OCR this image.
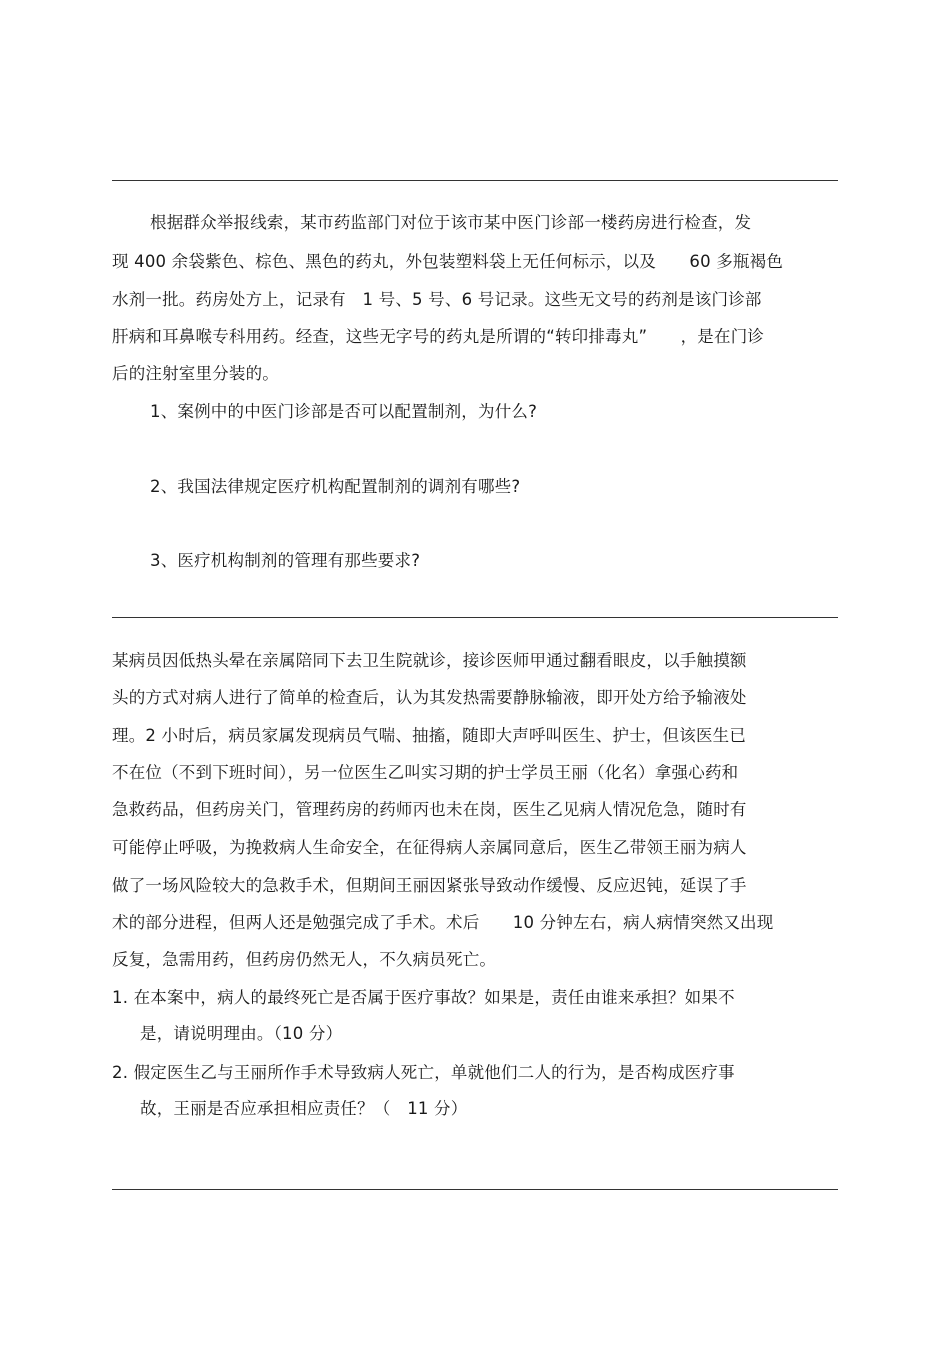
根据群众举报线索，某市药监部门对位于该市某中医门诊部一楼药房进行检查，发
现 400 余袋紫色、棕色、黑色的药丸，外包装塑料袋上无任何标示，以及　　60 多瓶褐色
水剂一批。药房处方上，记录有　1 号、5 号、6 号记录。这些无文号的药剂是该门诊部
肝病和耳鼻喉专科用药。经查，这些无字号的药丸是所谓的“转印排毒丸”　　，是在门诊
后的注射室里分装的。
1、案例中的中医门诊部是否可以配置制剂，为什么?
2、我国法律规定医疗机构配置制剂的调剂有哪些?
3、医疗机构制剂的管理有那些要求?
某病员因低热头晕在亲属陪同下去卫生院就诊，接诊医师甲通过翻看眼皮，以手触摸额
头的方式对病人进行了简单的检查后，认为其发热需要静脉输液，即开处方给予输液处
理。2 小时后，病员家属发现病员气喘、抽搐，随即大声呼叫医生、护士，但该医生已
不在位（不到下班时间），另一位医生乙叫实习期的护士学员王丽（化名）拿强心药和
急救药品，但药房关门，管理药房的药师丙也未在岗，医生乙见病人情况危急，随时有
可能停止呼吸，为挽救病人生命安全，在征得病人亲属同意后，医生乙带领王丽为病人
做了一场风险较大的急救手术，但期间王丽因紧张导致动作缓慢、反应迟钝，延误了手
术的部分进程，但两人还是勉强完成了手术。术后　　10 分钟左右，病人病情突然又出现
反复，急需用药，但药房仍然无人，不久病员死亡。
1. 在本案中，病人的最终死亡是否属于医疗事故？如果是，责任由谁来承担？如果不
是，请说明理由。（10 分）
2. 假定医生乙与王丽所作手术导致病人死亡，单就他们二人的行为，是否构成医疗事
故，王丽是否应承担相应责任？（　11 分）
